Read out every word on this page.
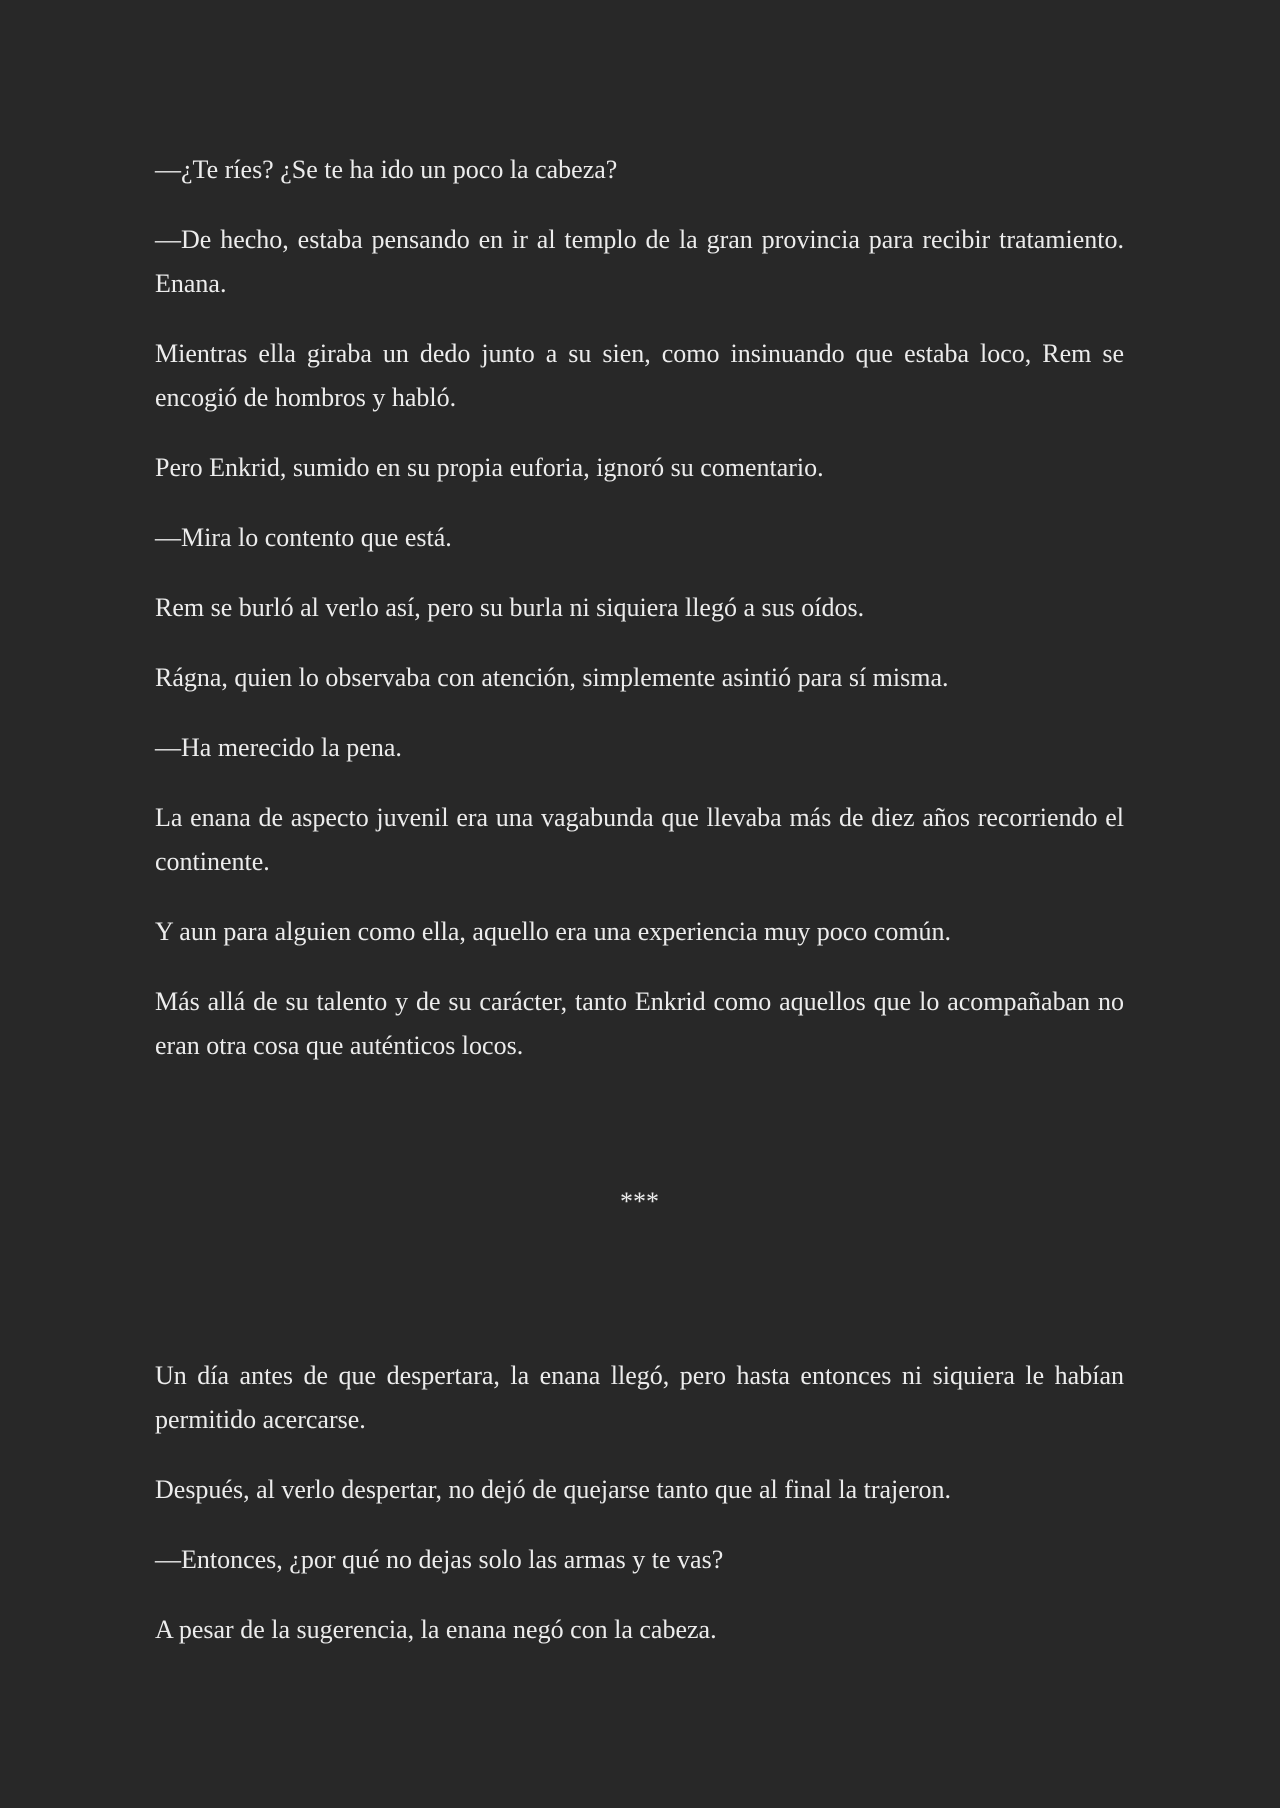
—¿Te ríes? ¿Se te ha ido un poco la cabeza?

—De hecho, estaba pensando en ir al templo de la gran provincia para recibir tratamiento. Enana.

Mientras ella giraba un dedo junto a su sien, como insinuando que estaba loco, Rem se encogió de hombros y habló.

Pero Enkrid, sumido en su propia euforia, ignoró su comentario.

—Mira lo contento que está.

Rem se burló al verlo así, pero su burla ni siquiera llegó a sus oídos.

Rágna, quien lo observaba con atención, simplemente asintió para sí misma.

—Ha merecido la pena.

La enana de aspecto juvenil era una vagabunda que llevaba más de diez años recorriendo el continente.

Y aun para alguien como ella, aquello era una experiencia muy poco común.

Más allá de su talento y de su carácter, tanto Enkrid como aquellos que lo acompañaban no eran otra cosa que auténticos locos.

***

Un día antes de que despertara, la enana llegó, pero hasta entonces ni siquiera le habían permitido acercarse.

Después, al verlo despertar, no dejó de quejarse tanto que al final la trajeron.

—Entonces, ¿por qué no dejas solo las armas y te vas?

A pesar de la sugerencia, la enana negó con la cabeza.
